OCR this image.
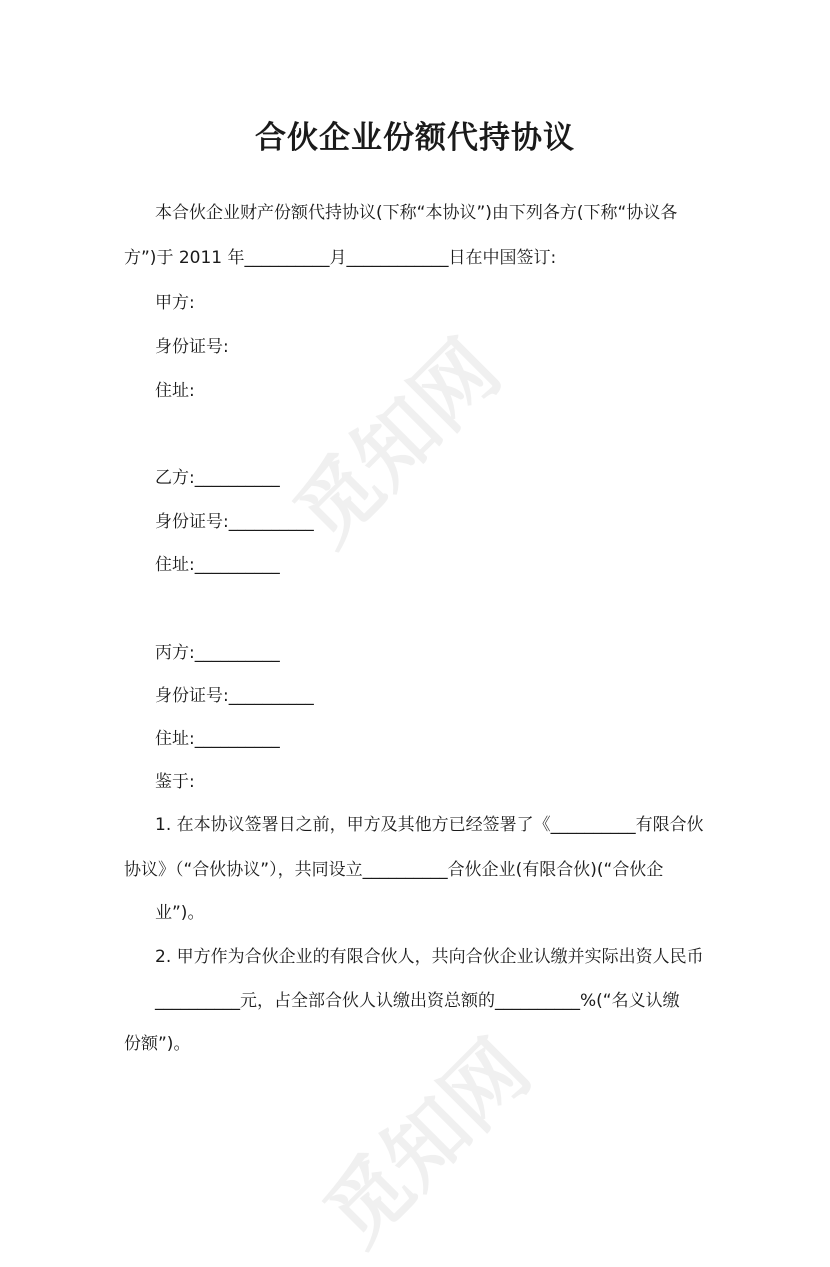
觅知网
觅知网
合伙企业份额代持协议
本合伙企业财产份额代持协议(下称“本协议”)由下列各方(下称“协议各
方”)于 2011 年__________月____________日在中国签订:
甲方:
身份证号:
住址:
乙方:__________
身份证号:__________
住址:__________
丙方:__________
身份证号:__________
住址:__________
鉴于:
1. 在本协议签署日之前，甲方及其他方已经签署了《__________有限合伙
协议》（“合伙协议”），共同设立__________合伙企业(有限合伙)(“合伙企
业”)。
2. 甲方作为合伙企业的有限合伙人，共向合伙企业认缴并实际出资人民币
__________元，占全部合伙人认缴出资总额的__________%(“名义认缴
份额”)。
